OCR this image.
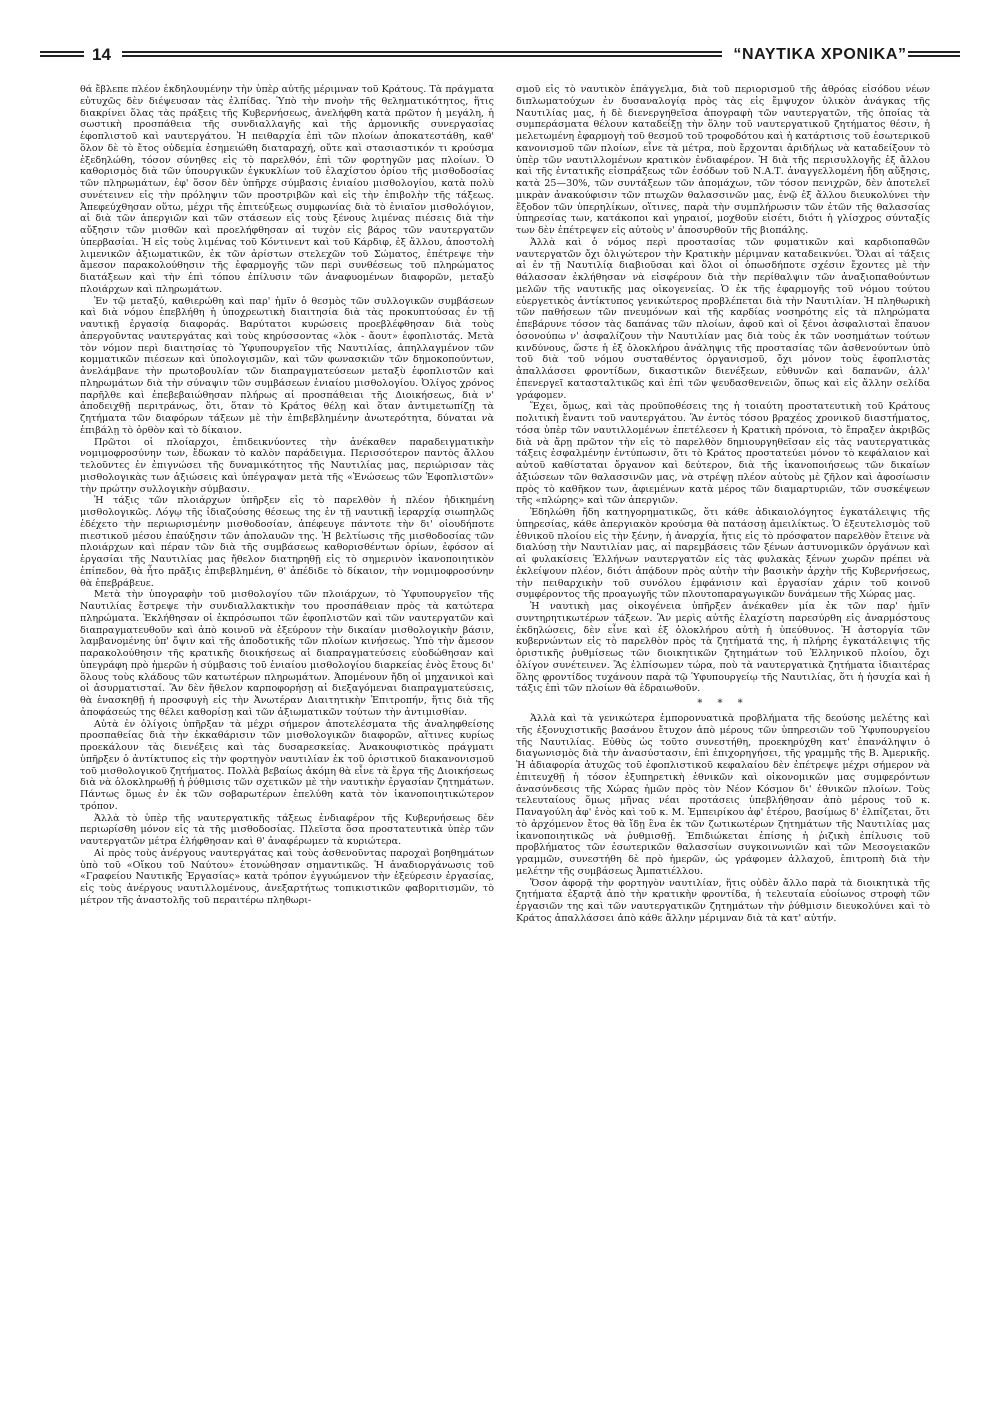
14	“ΝΑΥΤΙΚΑ ΧΡΟΝΙΚΑ”

θά ἔβλεπε πλέον ἐκδηλουμένην τὴν ὑπὲρ αὐτῆς μέριμναν τοῦ Κράτους. Τὰ πράγματα εὐτυχῶς δὲν διέψευσαν τὰς ἐλπίδας. Ὑπὸ τὴν πνοὴν τῆς θεληματικότητος, ἥτις διακρίνει ὅλας τὰς πράξεις τῆς Κυβερνήσεως, ἀνελήφθη κατὰ πρῶτον ἡ μεγάλη, ἡ σωστικὴ προσπάθεια τῆς συνδιαλλαγῆς καὶ τῆς ἁρμονικῆς συνεργασίας ἐφοπλιστοῦ καὶ ναυτεργάτου. Ἡ πειθαρχία ἐπὶ τῶν πλοίων ἀποκατεστάθη, καθ' ὅλον δὲ τὸ ἔτος οὐδεμία ἐσημειώθη διαταραχή, οὔτε καὶ στασιαστικόν τι κρούσμα ἐξεδηλώθη, τόσον σύνηθες εἰς τὸ παρελθόν, ἐπὶ τῶν φορτηγῶν μας πλοίων. Ὁ καθορισμὸς διὰ τῶν ὑπουργικῶν ἐγκυκλίων τοῦ ἐλαχίστου ὁρίου τῆς μισθοδοσίας τῶν πληρωμάτων, ἐφ' ὅσον δὲν ὑπῆρχε σύμβασις ἐνιαίου μισθολογίου, κατὰ πολὺ συνέτεινεν εἰς τὴν πρόληψιν τῶν προστριβῶν καὶ εἰς τὴν ἐπιβολὴν τῆς τάξεως. Ἀπεφεύχθησαν οὕτω, μέχρι τῆς ἐπιτεύξεως συμφωνίας διὰ τὸ ἑνιαῖον μισθολόγιον, αἱ διὰ τῶν ἀπεργιῶν καὶ τῶν στάσεων εἰς τοὺς ξένους λιμένας πιέσεις διὰ τὴν αὔξησιν τῶν μισθῶν καὶ προελήφθησαν αἱ τυχὸν εἰς βάρος τῶν ναυτεργατῶν ὑπερβασίαι. Ἡ εἰς τοὺς λιμένας τοῦ Κόντινεντ καὶ τοῦ Κάρδιφ, ἐξ ἄλλου, ἀποστολὴ λιμενικῶν ἀξιωματικῶν, ἐκ τῶν ἀρίστων στελεχῶν τοῦ Σώματος, ἐπέτρεψε τὴν ἄμεσον παρακολούθησιν τῆς ἐφαρμογῆς τῶν περὶ συνθέσεως τοῦ πληρώματος διατάξεων καὶ τὴν ἐπὶ τόπου ἐπίλυσιν τῶν ἀναφυομένων διαφορῶν, μεταξὺ πλοιάρχων καὶ πληρωμάτων.

Ἐν τῷ μεταξύ, καθιερώθη καὶ παρ' ἡμῖν ὁ θεσμὸς τῶν συλλογικῶν συμβάσεων καὶ διὰ νόμου ἐπεβλήθη ἡ ὑποχρεωτικὴ διαιτησία διὰ τὰς προκυπτούσας ἐν τῇ ναυτικῇ ἐργασίᾳ διαφοράς. Βαρύτατοι κυρώσεις προεβλέφθησαν διὰ τοὺς ἀπεργοῦντας ναυτεργάτας καὶ τοὺς κηρύσσοντας «λὸκ - ἄουτ» ἐφοπλιστάς. Μετὰ τὸν νόμον περὶ διαιτησίας τὸ Ὑφυπουργεῖον τῆς Ναυτιλίας, ἀπηλλαγμένον τῶν κομματικῶν πιέσεων καὶ ὑπολογισμῶν, καὶ τῶν φωνασκιῶν τῶν δημοκοπούντων, ἀνελάμβανε τὴν πρωτοβουλίαν τῶν διαπραγματεύσεων μεταξὺ ἐφοπλιστῶν καὶ πληρωμάτων διὰ τὴν σύναψιν τῶν συμβάσεων ἑνιαίου μισθολογίου. Ὀλίγος χρόνος παρῆλθε καὶ ἐπεβεβαιώθησαν πλήρως αἱ προσπάθειαι τῆς Διοικήσεως, διὰ ν' ἀποδειχθῇ περιτράνως, ὅτι, ὅταν τὸ Κράτος θέλῃ καὶ ὅταν ἀντιμετωπίζῃ τὰ ζητήματα τῶν διαφόρων τάξεων μὲ τὴν ἐπιβεβλημένην ἀνωτερότητα, δύναται νὰ ἐπιβάλῃ τὸ ὀρθὸν καὶ τὸ δίκαιον.

Πρῶτοι οἱ πλοίαρχοι, ἐπιδεικνύοντες τὴν ἀνέκαθεν παραδειγματικὴν νομιμοφροσύνην των, ἔδωκαν τὸ καλὸν παράδειγμα. Περισσότερον παντὸς ἄλλου τελοῦντες ἐν ἐπιγνώσει τῆς δυναμικότητος τῆς Ναυτιλίας μας, περιώρισαν τὰς μισθολογικὰς των ἀξιώσεις καὶ ὑπέγραψαν μετὰ τῆς «Ἑνώσεως τῶν Ἐφοπλιστῶν» τὴν πρώτην συλλογικὴν σύμβασιν.

Ἡ τάξις τῶν πλοιάρχων ὑπῆρξεν εἰς τὸ παρελθὸν ἡ πλέον ἠδικημένη μισθολογικῶς. Λόγῳ τῆς ἰδιαζούσης θέσεως της ἐν τῇ ναυτικῇ ἱεραρχίᾳ σιωπηλῶς ἐδέχετο τὴν περιωρισμένην μισθοδοσίαν, ἀπέφευγε πάντοτε τὴν δι' οἱουδήποτε πιεστικοῦ μέσου ἐπαύξησιν τῶν ἀπολαυῶν της. Ἡ βελτίωσις τῆς μισθοδοσίας τῶν πλοιάρχων καὶ πέραν τῶν διὰ τῆς συμβάσεως καθορισθέντων ὁρίων, ἐφόσον αἱ ἐργασίαι τῆς Ναυτιλίας μας ἤθελον διατηρηθῇ εἰς τὸ σημερινὸν ἱκανοποιητικὸν ἐπίπεδον, θὰ ἦτο πρᾶξις ἐπιβεβλημένη, θ' ἀπέδιδε τὸ δίκαιον, τὴν νομιμοφροσύνην θὰ ἐπεβράβευε.

Μετὰ τὴν ὑπογραφὴν τοῦ μισθολογίου τῶν πλοιάρχων, τὸ Ὑφυπουργεῖον τῆς Ναυτιλίας ἔστρεψε τὴν συνδιαλλακτικὴν του προσπάθειαν πρὸς τὰ κατώτερα πληρώματα. Ἐκλήθησαν οἱ ἐκπρόσωποι τῶν ἐφοπλιστῶν καὶ τῶν ναυτεργατῶν καὶ διαπραγματευθοῦν καὶ ἀπὸ κοινοῦ νὰ ἐξεύρουν τὴν δικαίαν μισθολογικὴν βάσιν, λαμβανομένης ὑπ' ὄψιν καὶ τῆς ἀποδοτικῆς τῶν πλοίων κινήσεως. Ὑπὸ τὴν ἄμεσον παρακολούθησιν τῆς κρατικῆς διοικήσεως αἱ διαπραγματεύσεις εὐοδώθησαν καὶ ὑπεγράφη πρὸ ἡμερῶν ἡ σύμβασις τοῦ ἑνιαίου μισθολογίου διαρκείας ἑνὸς ἔτους δι' ὅλους τοὺς κλάδους τῶν κατωτέρων πληρωμάτων. Ἀπομένουν ἤδη οἱ μηχανικοὶ καὶ οἱ ἀσυρματισταί. Ἂν δὲν ἤθελον καρποφορήσῃ αἱ διεξαγόμεναι διαπραγματεύσεις, θὰ ἐνασκηθῇ ἡ προσφυγὴ εἰς τὴν Ἀνωτέραν Διαιτητικὴν Ἐπιτροπήν, ἥτις διὰ τῆς ἀποφάσεώς της θέλει καθορίσῃ καὶ τῶν ἀξιωματικῶν τούτων τὴν ἀντιμισθίαν.

Αὐτὰ ἐν ὀλίγοις ὑπῆρξαν τὰ μέχρι σήμερον ἀποτελέσματα τῆς ἀναληφθείσης προσπαθείας διὰ τὴν ἐκκαθάρισιν τῶν μισθολογικῶν διαφορῶν, αἵτινες κυρίως προεκάλουν τὰς διενέξεις καὶ τὰς δυσαρεσκείας. Ἀνακουφιστικὸς πράγματι ὑπῆρξεν ὁ ἀντίκτυπος εἰς τὴν φορτηγὸν ναυτιλίαν ἐκ τοῦ ὁριστικοῦ διακανονισμοῦ τοῦ μισθολογικοῦ ζητήματος. Πολλὰ βεβαίως ἀκόμη θὰ εἶνε τὰ ἔργα τῆς Διοικήσεως διὰ νὰ ὁλοκληρωθῇ ἡ ῥύθμισις τῶν σχετικῶν μὲ τὴν ναυτικὴν ἐργασίαν ζητημάτων. Πάντως ὅμως ἐν ἐκ τῶν σοβαρωτέρων ἐπελύθη κατὰ τὸν ἱκανοποιητικώτερον τρόπον.

Ἀλλὰ τὸ ὑπὲρ τῆς ναυτεργατικῆς τάξεως ἐνδιαφέρον τῆς Κυβερνήσεως δὲν περιωρίσθη μόνον εἰς τὰ τῆς μισθοδοσίας. Πλεῖστα ὅσα προστατευτικὰ ὑπὲρ τῶν ναυτεργατῶν μέτρα ἐλήφθησαν καὶ θ' ἀναφέρωμεν τὰ κυριώτερα.

Αἱ πρὸς τοὺς ἀνέργους ναυτεργάτας καὶ τοὺς ἀσθενοῦντας παροχαὶ βοηθημάτων ὑπὸ τοῦ «Οἴκου τοῦ Ναύτου» ἐτονώθησαν σημαντικῶς. Ἡ ἀναδιοργάνωσις τοῦ «Γραφείου Ναυτικῆς Ἐργασίας» κατὰ τρόπον ἐγγυώμενον τὴν ἐξεύρεσιν ἐργασίας, εἰς τοὺς ἀνέργους ναυτιλλομένους, ἀνεξαρτήτως τοπικιστικῶν φαβοριτισμῶν, τὸ μέτρον τῆς ἀναστολῆς τοῦ περαιτέρω πληθωρι-

σμοῦ εἰς τὸ ναυτικὸν ἐπάγγελμα, διὰ τοῦ περιορισμοῦ τῆς ἀθρόας εἰσόδου νέων διπλωματούχων ἐν δυσαναλογίᾳ πρὸς τὰς εἰς ἔμψυχον ὑλικὸν ἀνάγκας τῆς Ναυτιλίας μας, ἡ δὲ διενεργηθεῖσα ἀπογραφὴ τῶν ναυτεργατῶν, τῆς ὁποίας τὰ συμπεράσματα θέλουν καταδείξῃ τὴν ὅλην τοῦ ναυτεργατικοῦ ζητήματος θέσιν, ἡ μελετωμένη ἐφαρμογὴ τοῦ θεσμοῦ τοῦ τροφοδότου καὶ ἡ κατάρτισις τοῦ ἐσωτερικοῦ κανονισμοῦ τῶν πλοίων, εἶνε τὰ μέτρα, ποὺ ἔρχονται ἀριδήλως νὰ καταδείξουν τὸ ὑπὲρ τῶν ναυτιλλομένων κρατικὸν ἐνδιαφέρον. Ἡ διὰ τῆς περισυλλογῆς ἐξ ἄλλου καὶ τῆς ἐντατικῆς εἰσπράξεως τῶν ἐσόδων τοῦ Ν.Α.Τ. ἀναγγελλομένη ἤδη αὔξησις, κατὰ 25—30%, τῶν συντάξεων τῶν ἀπομάχων, τῶν τόσον πενιχρῶν, δὲν ἀποτελεῖ μικρὰν ἀνακούφισιν τῶν πτωχῶν θαλασσινῶν μας, ἐνῷ ἐξ ἄλλου διευκολύνει τὴν ἔξοδον τῶν ὑπερηλίκων, οἵτινες, παρὰ τὴν συμπλήρωσιν τῶν ἐτῶν τῆς θαλασσίας ὑπηρεσίας των, κατάκοποι καὶ γηραιοί, μοχθοῦν εἰσέτι, διότι ἡ γλίσχρος σύνταξίς των δὲν ἐπέτρεψεν εἰς αὐτοὺς ν' ἀποσυρθοῦν τῆς βιοπάλης.

Ἀλλὰ καὶ ὁ νόμος περὶ προστασίας τῶν φυματικῶν καὶ καρδιοπαθῶν ναυτεργατῶν ὄχι ὀλιγώτερον τὴν Κρατικὴν μέριμναν καταδεικνύει. Ὅλαι αἱ τάξεις αἱ ἐν τῇ Ναυτιλίᾳ διαβιοῦσαι καὶ ὅλοι οἱ ὁπωσδήποτε σχέσιν ἔχοντες μὲ τὴν θάλασσαν ἐκλήθησαν νὰ εἰσφέρουν διὰ τὴν περίθαλψιν τῶν ἀναξιοπαθούντων μελῶν τῆς ναυτικῆς μας οἰκογενείας. Ὁ ἐκ τῆς ἐφαρμογῆς τοῦ νόμου τούτου εὐεργετικὸς ἀντίκτυπος γενικώτερος προβλέπεται διὰ τὴν Ναυτιλίαν. Ἡ πληθωρικὴ τῶν παθήσεων τῶν πνευμόνων καὶ τῆς καρδίας νοσηρότης εἰς τὰ πληρώματα ἐπεβάρυνε τόσον τὰς δαπάνας τῶν πλοίων, ἀφοῦ καὶ οἱ ξένοι ἀσφαλισταὶ ἔπαυον ὁσονούπω ν' ἀσφαλίζουν τὴν Ναυτιλίαν μας διὰ τοὺς ἐκ τῶν νοσημάτων τούτων κινδύνους, ὥστε ἡ ἐξ ὁλοκλήρου ἀνάληψις τῆς προστασίας τῶν ἀσθενούντων ὑπὸ τοῦ διὰ τοῦ νόμου συσταθέντος ὀργανισμοῦ, ὄχι μόνον τοὺς ἐφοπλιστὰς ἀπαλλάσσει φροντίδων, δικαστικῶν διενέξεων, εὐθυνῶν καὶ δαπανῶν, ἀλλ' ἐπενεργεῖ κατασταλτικῶς καὶ ἐπὶ τῶν ψευδασθενειῶν, ὅπως καὶ εἰς ἄλλην σελίδα γράφομεν.

Ἔχει, ὅμως, καὶ τὰς προϋποθέσεις της ἡ τοιαύτη προστατευτικὴ τοῦ Κράτους πολιτικὴ ἔναντι τοῦ ναυτεργάτου. Ἂν ἐντὸς τόσου βραχέος χρονικοῦ διαστήματος, τόσα ὑπὲρ τῶν ναυτιλλομένων ἐπετέλεσεν ἡ Κρατικὴ πρόνοια, τὸ ἔπραξεν ἀκριβῶς διὰ νὰ ἄρῃ πρῶτον τὴν εἰς τὸ παρελθὸν δημιουργηθεῖσαν εἰς τὰς ναυτεργατικὰς τάξεις ἐσφαλμένην ἐντύπωσιν, ὅτι τὸ Κράτος προστατεύει μόνον τὸ κεφάλαιον καὶ αὐτοῦ καθίσταται ὄργανον καὶ δεύτερον, διὰ τῆς ἱκανοποιήσεως τῶν δικαίων ἀξιώσεων τῶν θαλασσινῶν μας, νὰ στρέψῃ πλέον αὐτοὺς μὲ ζῆλον καὶ ἀφοσίωσιν πρὸς τὸ καθῆκον των, ἀφιεμένων κατὰ μέρος τῶν διαμαρτυριῶν, τῶν συσκέψεων τῆς «πλώρης» καὶ τῶν ἀπεργιῶν.

Ἐδηλώθη ἤδη κατηγορηματικῶς, ὅτι κάθε ἀδικαιολόγητος ἐγκατάλειψις τῆς ὑπηρεσίας, κάθε ἀπεργιακὸν κρούσμα θὰ πατάσσῃ ἀμειλίκτως. Ὁ ἐξευτελισμὸς τοῦ ἐθνικοῦ πλοίου εἰς τὴν ξένην, ἡ ἀναρχία, ἥτις εἰς τὸ πρόσφατον παρελθὸν ἔτεινε νὰ διαλύσῃ τὴν Ναυτιλίαν μας, αἱ παρεμβάσεις τῶν ξένων ἀστυνομικῶν ὀργάνων καὶ αἱ φυλακίσεις Ἑλλήνων ναυτεργατῶν εἰς τὰς φυλακὰς ξένων χωρῶν πρέπει νὰ ἐκλείψουν πλέον, διότι ἀπᾴδουν πρὸς αὐτὴν τὴν βασικὴν ἀρχὴν τῆς Κυβερνήσεως, τὴν πειθαρχικὴν τοῦ συνόλου ἐμφάνισιν καὶ ἐργασίαν χάριν τοῦ κοινοῦ συμφέροντος τῆς προαγωγῆς τῶν πλουτοπαραγωγικῶν δυνάμεων τῆς Χώρας μας.

Ἡ ναυτικὴ μας οἰκογένεια ὑπῆρξεν ἀνέκαθεν μία ἐκ τῶν παρ' ἡμῖν συντηρητικωτέρων τάξεων. Ἂν μερὶς αὐτῆς ἐλαχίστη παρεσύρθη εἰς ἀναρμόστους ἐκδηλώσεις, δὲν εἶνε καὶ ἐξ ὁλοκλήρου αὐτὴ ἡ ὑπεύθυνος. Ἡ ἀστοργία τῶν κυβερνώντων εἰς τὸ παρελθὸν πρὸς τὰ ζητήματά της, ἡ πλήρης ἐγκατάλειψις τῆς ὁριστικῆς ῥυθμίσεως τῶν διοικητικῶν ζητημάτων τοῦ Ἑλληνικοῦ πλοίου, ὄχι ὀλίγον συνέτεινεν. Ἂς ἐλπίσωμεν τώρα, ποὺ τὰ ναυτεργατικὰ ζητήματα ἰδιαιτέρας ὅλης φροντίδος τυχάνουν παρὰ τῷ Ὑφυπουργείῳ τῆς Ναυτιλίας, ὅτι ἡ ἡσυχία καὶ ἡ τάξις ἐπὶ τῶν πλοίων θὰ ἑδραιωθοῦν.

* * *

Ἀλλὰ καὶ τὰ γενικώτερα ἐμπορονυατικὰ προβλήματα τῆς δεούσης μελέτης καὶ τῆς ἐξονυχιστικῆς βασάνου ἔτυχον ἀπὸ μέρους τῶν ὑπηρεσιῶν τοῦ Ὑφυπουργείου τῆς Ναυτιλίας. Εὐθὺς ὡς τοῦτο συνεστήθη, προεκηρύχθη κατ' ἐπανάληψιν ὁ διαγωνισμὸς διὰ τὴν ἀνασύστασιν, ἐπὶ ἐπιχορηγήσει, τῆς γραμμῆς τῆς Β. Ἀμερικῆς. Ἡ ἀδιαφορία ἀτυχῶς τοῦ ἐφοπλιστικοῦ κεφαλαίου δὲν ἐπέτρεψε μέχρι σήμερον νὰ ἐπιτευχθῇ ἡ τόσον ἐξυπηρετικὴ ἐθνικῶν καὶ οἰκονομικῶν μας συμφερόντων ἀνασύνδεσις τῆς Χώρας ἡμῶν πρὸς τὸν Νέον Κόσμον δι' ἐθνικῶν πλοίων. Τοὺς τελευταίους ὅμως μῆνας νέαι προτάσεις ὑπεβλήθησαν ἀπὸ μέρους τοῦ κ. Παναγούλη ἀφ' ἑνὸς καὶ τοῦ κ. Μ. Ἐμπειρίκου ἀφ' ἑτέρου, βασίμως δ' ἐλπίζεται, ὅτι τὸ ἀρχόμενον ἔτος θὰ ἴδῃ ἓνα ἐκ τῶν ζωτικωτέρων ζητημάτων τῆς Ναυτιλίας μας ἱκανοποιητικῶς νὰ ῥυθμισθῇ. Ἐπιδιώκεται ἐπίσης ἡ ῥιζικὴ ἐπίλυσις τοῦ προβλήματος τῶν ἐσωτερικῶν θαλασσίων συγκοινωνιῶν καὶ τῶν Μεσογειακῶν γραμμῶν, συνεστήθη δὲ πρὸ ἡμερῶν, ὡς γράφομεν ἀλλαχοῦ, ἐπιτροπὴ διὰ τὴν μελέτην τῆς συμβάσεως Ἀμπατιέλλου.

Ὅσον ἀφορᾷ τὴν φορτηγὸν ναυτιλίαν, ἥτις οὐδὲν ἄλλο παρὰ τὰ διοικητικὰ τῆς ζητήματα ἐξαρτᾷ ἀπὸ τὴν κρατικὴν φροντίδα, ἡ τελευταία εὐοίωνος στροφὴ τῶν ἐργασιῶν της καὶ τῶν ναυτεργατικῶν ζητημάτων τὴν ῥύθμισιν διευκολύνει καὶ τὸ Κράτος ἀπαλλάσσει ἀπὸ κάθε ἄλλην μέριμναν διὰ τὰ κατ' αὐτήν.
